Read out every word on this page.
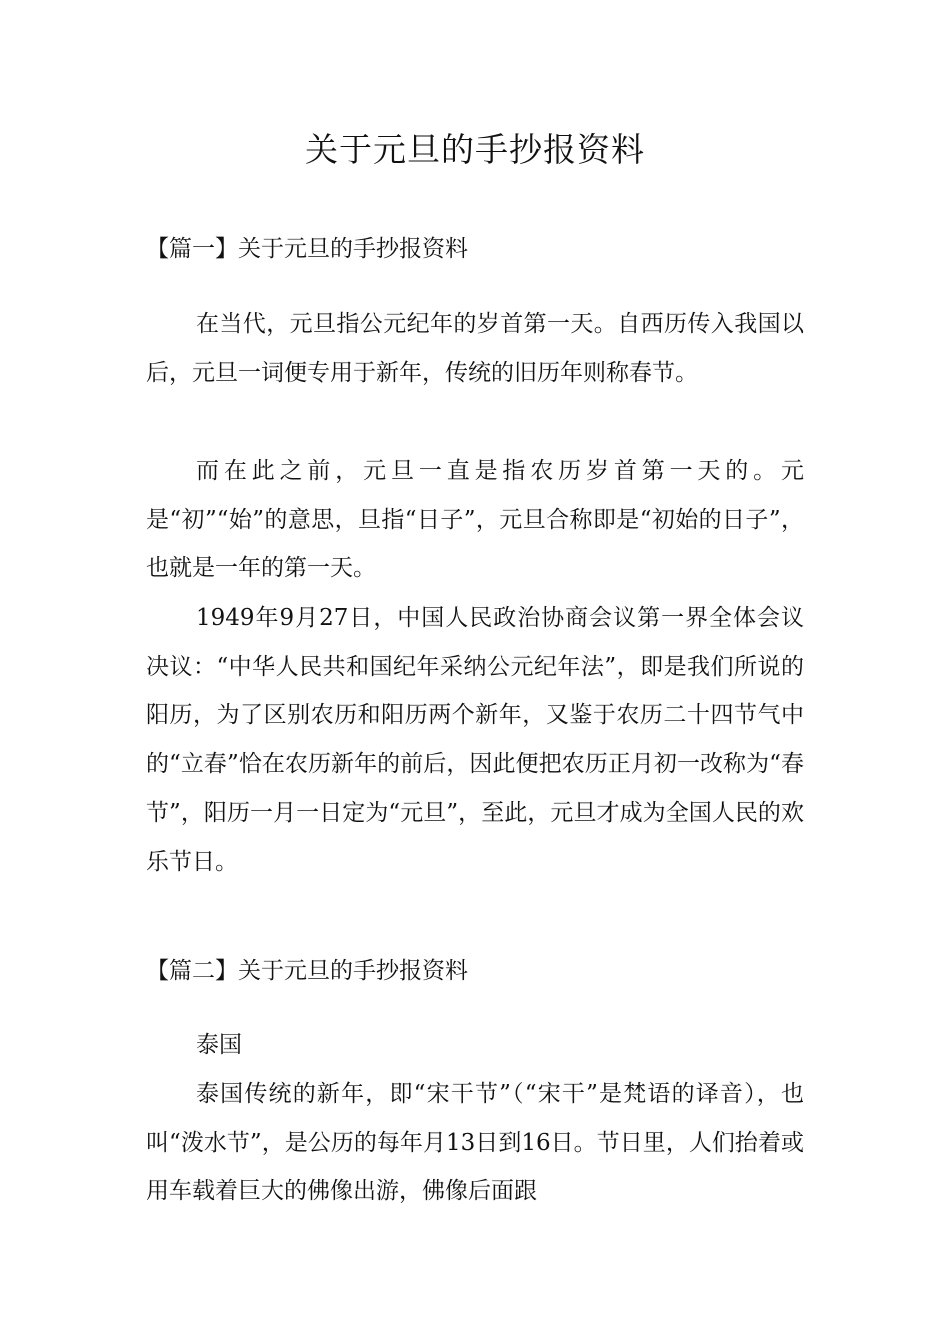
关于元旦的手抄报资料

【篇一】关于元旦的手抄报资料

在当代，元旦指公元纪年的岁首第一天。自西历传入我国以后，元旦一词便专用于新年，传统的旧历年则称春节。

而在此之前，元旦一直是指农历岁首第一天的。元是“初”“始”的意思，旦指“日子”，元旦合称即是“初始的日子”，也就是一年的第一天。

1949年9月27日，中国人民政治协商会议第一界全体会议决议：“中华人民共和国纪年采纳公元纪年法”，即是我们所说的阳历，为了区别农历和阳历两个新年，又鉴于农历二十四节气中的“立春”恰在农历新年的前后，因此便把农历正月初一改称为“春节”，阳历一月一日定为“元旦”，至此，元旦才成为全国人民的欢乐节日。

【篇二】关于元旦的手抄报资料

泰国

泰国传统的新年，即“宋干节”（“宋干”是梵语的译音），也叫“泼水节”，是公历的每年月13日到16日。节日里，人们抬着或用车载着巨大的佛像出游，佛像后面跟
